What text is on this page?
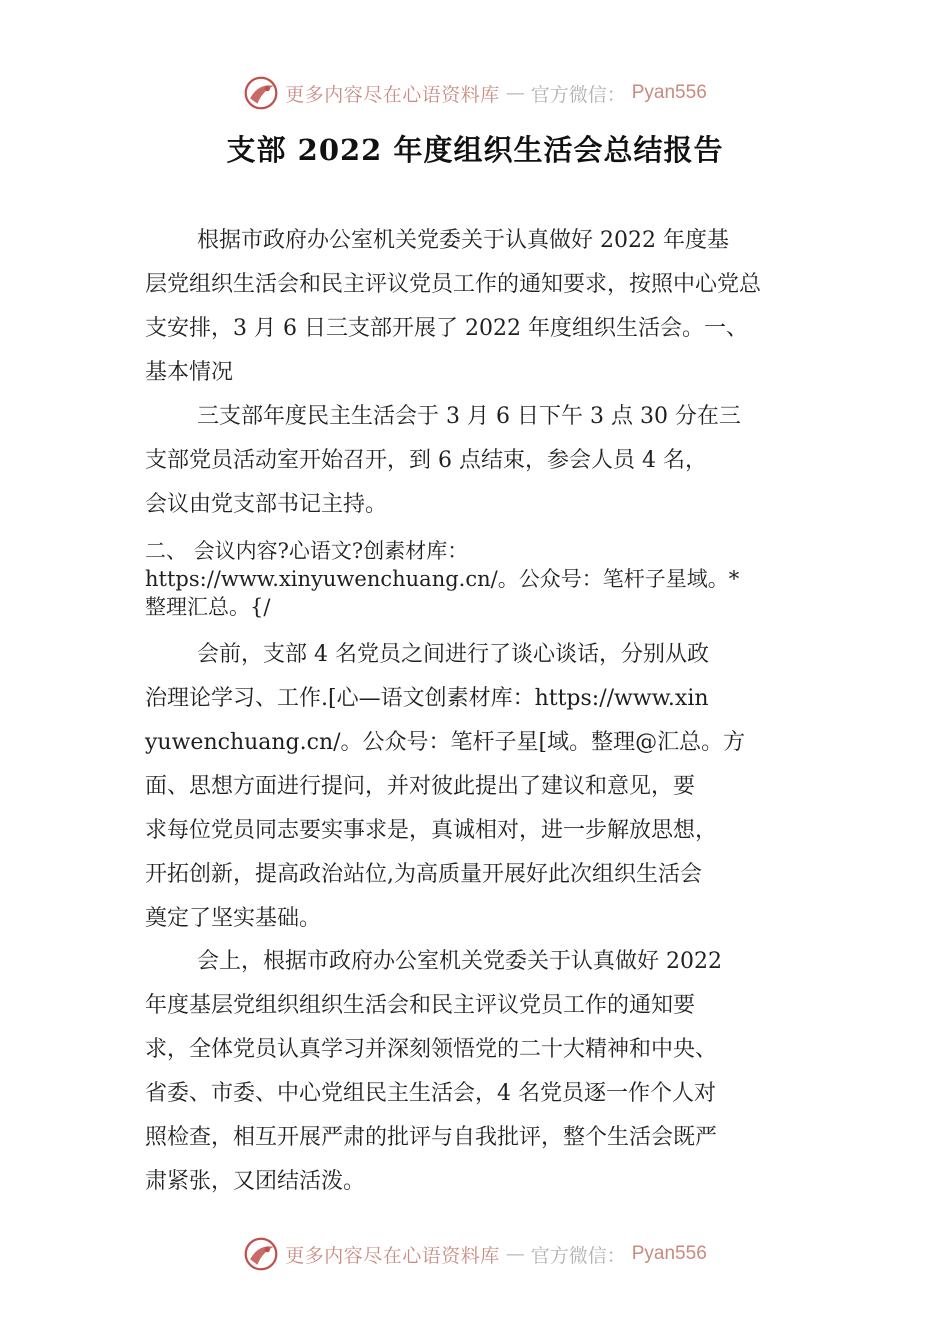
更多内容尽在心语资料库 — 官方微信： Pyan556
支部 2022 年度组织生活会总结报告
根据市政府办公室机关党委关于认真做好 2022 年度基
层党组织生活会和民主评议党员工作的通知要求，按照中心党总
支安排，3 月 6 日三支部开展了 2022 年度组织生活会。一、
基本情况
三支部年度民主生活会于 3 月 6 日下午 3 点 30 分在三
支部党员活动室开始召开，到 6 点结束，参会人员 4 名，
会议由党支部书记主持。
二、 会议内容?心语文?创素材库：
https://www.xinyuwenchuang.cn/。公众号：笔杆子星域。*
整理汇总。{/
会前，支部 4 名党员之间进行了谈心谈话，分别从政
治理论学习、工作.[心—语文创素材库：https://www.xin
yuwenchuang.cn/。公众号：笔杆子星[域。整理@汇总。方
面、思想方面进行提问，并对彼此提出了建议和意见，要
求每位党员同志要实事求是，真诚相对，进一步解放思想，
开拓创新，提高政治站位,为高质量开展好此次组织生活会
奠定了坚实基础。
会上，根据市政府办公室机关党委关于认真做好 2022
年度基层党组织组织生活会和民主评议党员工作的通知要
求，全体党员认真学习并深刻领悟党的二十大精神和中央、
省委、市委、中心党组民主生活会，4 名党员逐一作个人对
照检查，相互开展严肃的批评与自我批评，整个生活会既严
肃紧张，又团结活泼。
更多内容尽在心语资料库 — 官方微信： Pyan556
